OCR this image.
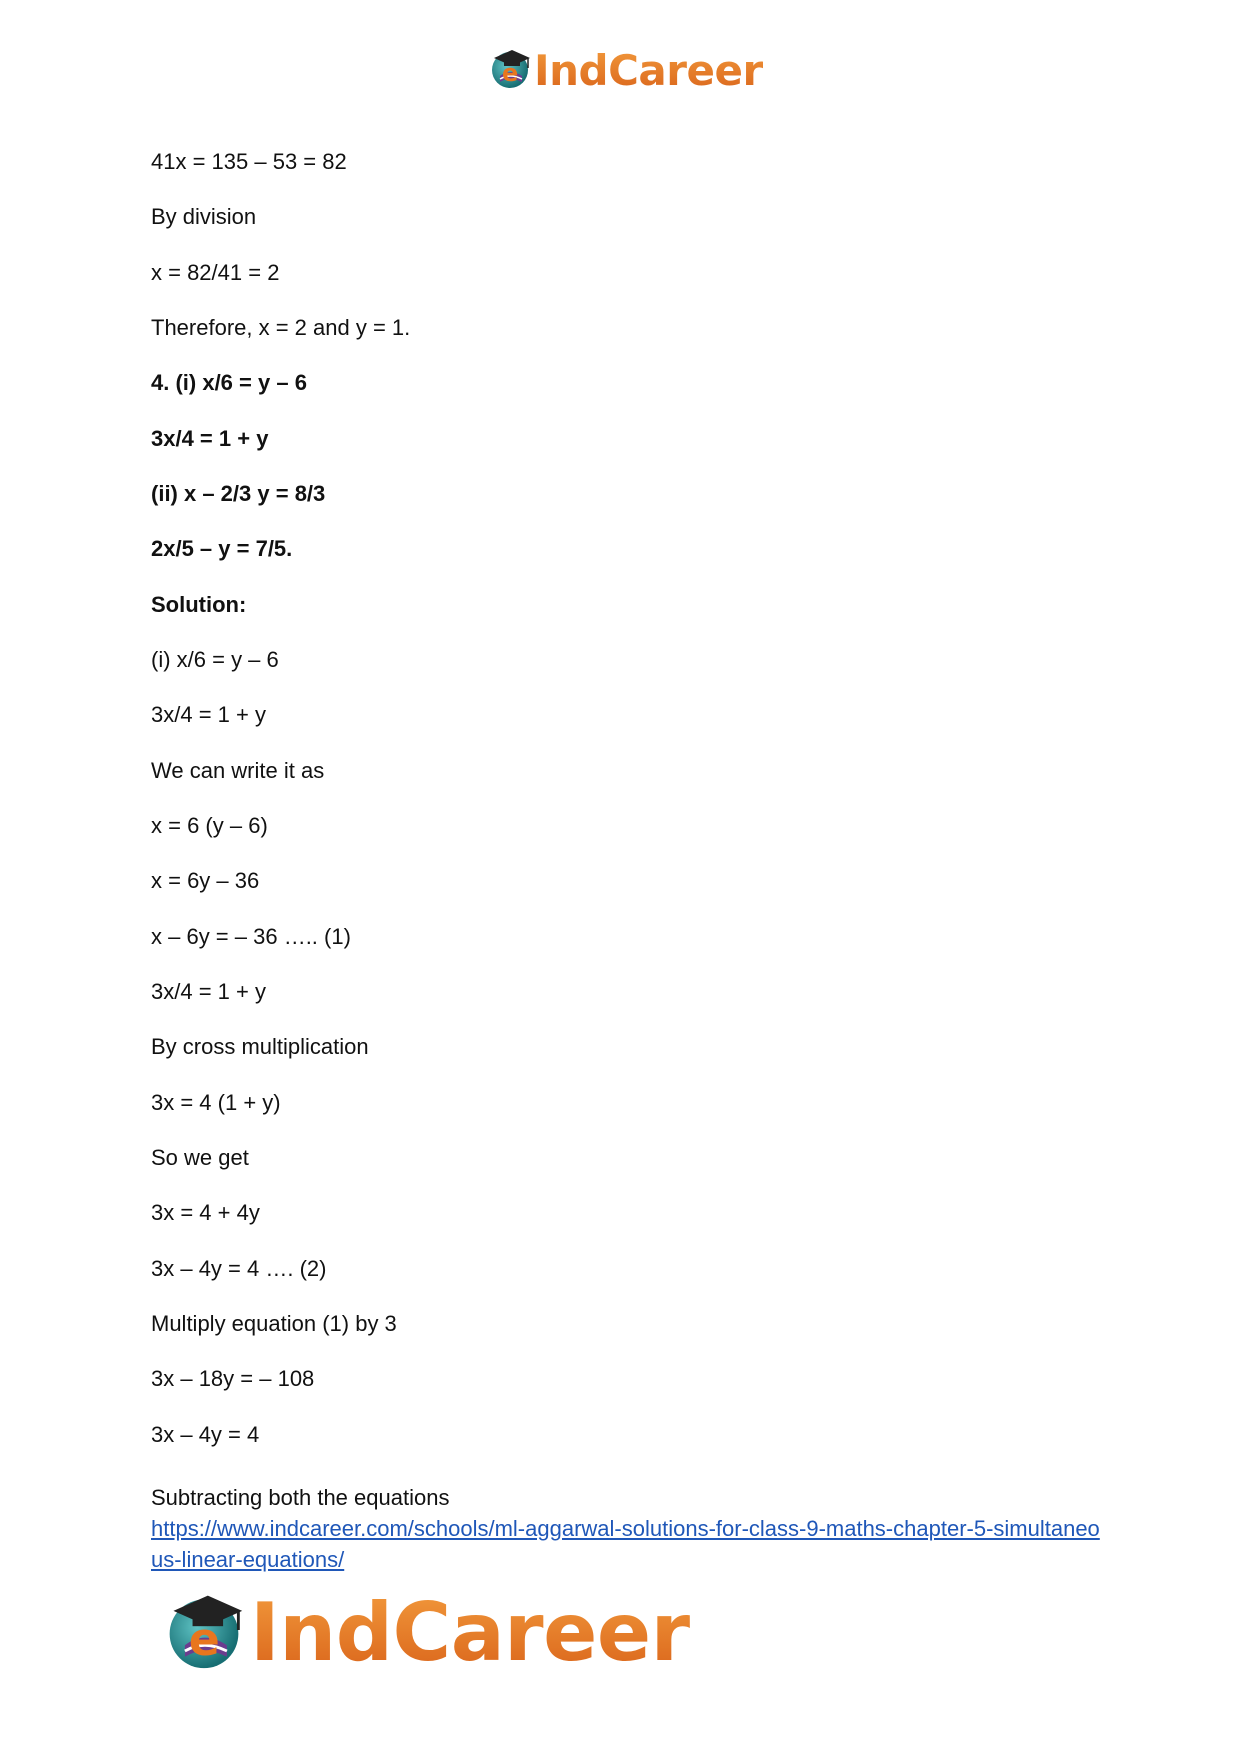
e IndCareer
41x = 135 – 53 = 82
By division
x = 82/41 = 2
Therefore, x = 2 and y = 1.
4. (i) x/6 = y – 6
3x/4 = 1 + y
(ii) x – 2/3 y = 8/3
2x/5 – y = 7/5.
Solution:
(i) x/6 = y – 6
3x/4 = 1 + y
We can write it as
x = 6 (y – 6)
x = 6y – 36
x – 6y = – 36 ….. (1)
3x/4 = 1 + y
By cross multiplication
3x = 4 (1 + y)
So we get
3x = 4 + 4y
3x – 4y = 4 …. (2)
Multiply equation (1) by 3
3x – 18y = – 108
3x – 4y = 4
Subtracting both the equations
https://www.indcareer.com/schools/ml-aggarwal-solutions-for-class-9-maths-chapter-5-simultaneous-linear-equations/
e IndCareer
